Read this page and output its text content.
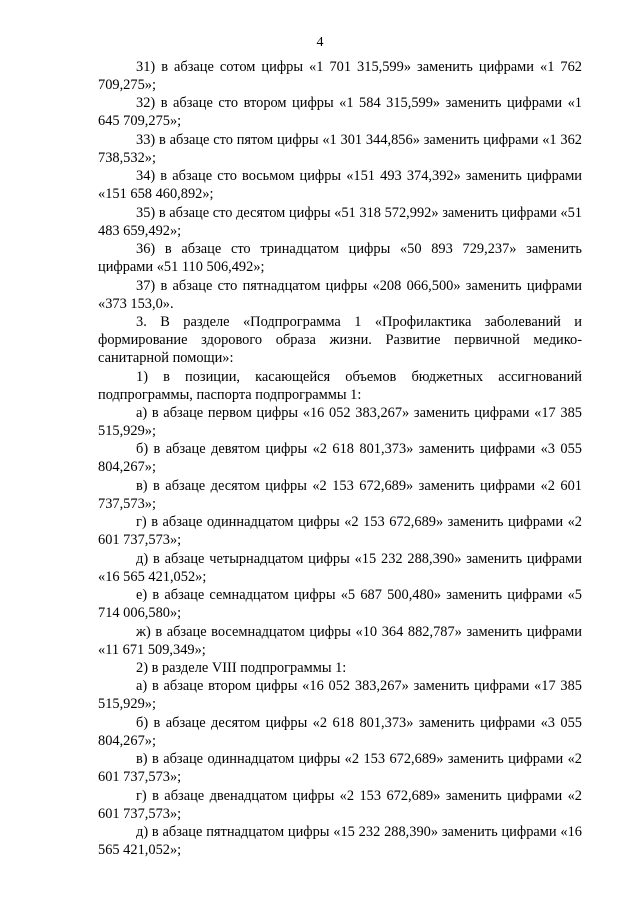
4

31) в абзаце сотом цифры «1 701 315,599» заменить цифрами «1 762 709,275»;

32) в абзаце сто втором цифры «1 584 315,599» заменить цифрами «1 645 709,275»;

33) в абзаце сто пятом цифры «1 301 344,856» заменить цифрами «1 362 738,532»;

34) в абзаце сто восьмом цифры «151 493 374,392» заменить цифрами «151 658 460,892»;

35) в абзаце сто десятом цифры «51 318 572,992» заменить цифрами «51 483 659,492»;

36) в абзаце сто тринадцатом цифры «50 893 729,237» заменить цифрами «51 110 506,492»;

37) в абзаце сто пятнадцатом цифры «208 066,500» заменить цифрами «373 153,0».

3. В разделе «Подпрограмма 1 «Профилактика заболеваний и формирование здорового образа жизни. Развитие первичной медико-санитарной помощи»:

1) в позиции, касающейся объемов бюджетных ассигнований подпрограммы, паспорта подпрограммы 1:

а) в абзаце первом цифры «16 052 383,267» заменить цифрами «17 385 515,929»;

б) в абзаце девятом цифры «2 618 801,373» заменить цифрами «3 055 804,267»;

в) в абзаце десятом цифры «2 153 672,689» заменить цифрами «2 601 737,573»;

г) в абзаце одиннадцатом цифры «2 153 672,689» заменить цифрами «2 601 737,573»;

д) в абзаце четырнадцатом цифры «15 232 288,390» заменить цифрами «16 565 421,052»;

е) в абзаце семнадцатом цифры «5 687 500,480» заменить цифрами «5 714 006,580»;

ж) в абзаце восемнадцатом цифры «10 364 882,787» заменить цифрами «11 671 509,349»;

2) в разделе VIII подпрограммы 1:

а) в абзаце втором цифры «16 052 383,267» заменить цифрами «17 385 515,929»;

б) в абзаце десятом цифры «2 618 801,373» заменить цифрами «3 055 804,267»;

в) в абзаце одиннадцатом цифры «2 153 672,689» заменить цифрами «2 601 737,573»;

г) в абзаце двенадцатом цифры «2 153 672,689» заменить цифрами «2 601 737,573»;

д) в абзаце пятнадцатом цифры «15 232 288,390» заменить цифрами «16 565 421,052»;
